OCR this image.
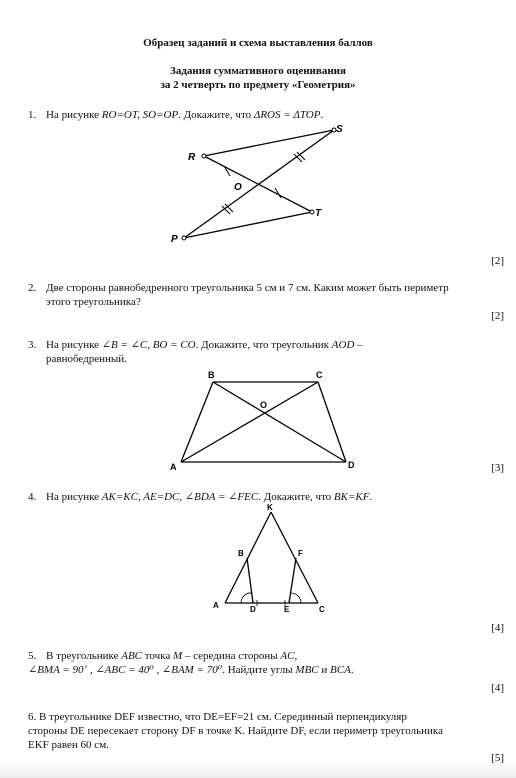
Образец заданий и схема выставления баллов
Задания суммативного оценивания
за 2 четверть по предмету «Геометрия»
1. На рисунке RO=OT, SO=OP. Докажите, что ΔROS = ΔTOP.
R
S
O
T
P
[2]
2. Две стороны равнобедренного треугольника 5 см и 7 см. Каким может быть периметр
этого треугольника?
[2]
3. На рисунке ∠B = ∠C, BO = CO. Докажите, что треугольник AOD –
равнобедренный.
B	C
O
A	D	[3]
4. На рисунке AK=KC, AE=DC, ∠BDA = ∠FEC. Докажите, что BK=KF.
K
B	F
A	D	E	C
[4]
5. В треугольнике ABC точка M – середина стороны AC,
∠BMA = 90˚ , ∠ABC = 40⁰ , ∠BAM = 70⁰. Найдите углы MBC и BCA.
[4]
6. В треугольнике DEF известно, что DE=EF=21 см. Серединный перпендикуляр
стороны DE пересекает сторону DF в точке K. Найдите DF, если периметр треугольника
EKF равен 60 см.
[5]
